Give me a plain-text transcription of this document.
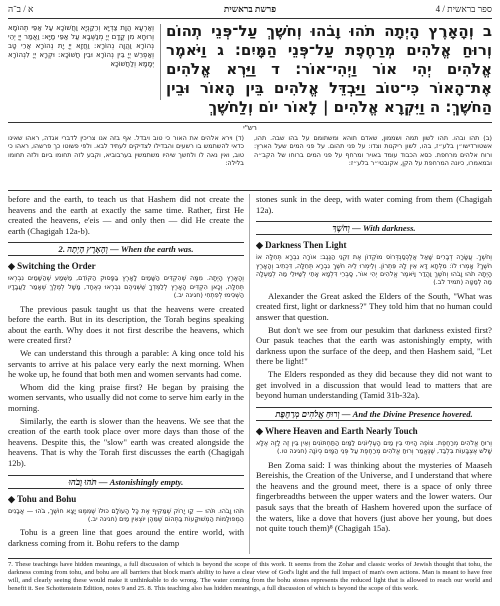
א / ב־ה	פרשת בראשית	ספר בראשית / 4
וְאַרְעָא הֲוָת צַדְיָא וְרֵקַנְיָא וַחֲשׁוֹכָא עַל אַפֵּי תְהוֹמָא וְרוּחָא מִן קֳדָם יְיָ מְנַשְּׁבָא עַל אַפֵּי מַיָּא: וַאֲמַר יְיָ יְהֵי נְהוֹרָא וַהֲוָה נְהוֹרָא: וַחֲזָא יְיָ יָת נְהוֹרָא אֲרֵי טָב וְאַפְרֵשׁ יְיָ בֵּין נְהוֹרָא וּבֵין חֲשׁוֹכָא: וּקְרָא יְיָ לִנְהוֹרָא יְמָמָא וְלַחֲשׁוֹכָא
ב וְהָאָרֶץ הָיְתָה תֹהוּ וָבֹהוּ וְחֹשֶׁךְ עַל־פְּנֵי תְהוֹם וְרוּחַ אֱלֹהִים מְרַחֶפֶת עַל־פְּנֵי הַמָּיִם: ג וַיֹּאמֶר אֱלֹהִים יְהִי אוֹר וַיְהִי־אוֹר: ד וַיַּרְא אֱלֹהִים אֶת־הָאוֹר כִּי־טוֹב וַיַּבְדֵּל אֱלֹהִים בֵּין הָאוֹר וּבֵין הַחֹשֶׁךְ: ה וַיִּקְרָא אֱלֹהִים | לָאוֹר יוֹם וְלַחֹשֶׁךְ
רש"י
(ד) וירא אלהים את האור כי טוב ויבדל. אף בזה אנו צריכין לדברי אגדה, ראהו שאינו כדאי להשתמש בו רשעים והבדילו לצדיקים לעתיד לבא. ולפי פשוטו כך פרשהו, ראהו כי טוב, ואין נאה לו ולחשך שיהיו משתמשין בערבוביא, וקבע לזה תחומו ביום ולזה תחומו בלילה:
(ב) תהו ובהו. תהו לשון תמה ושממון, שאדם תוהא ומשתומם על בהו שבה. תהו, אשטורדישו״ן בלע״ז, בהו, לשון ריקנות וצדו: על פני תהום. על פני המים שעל הארץ: ורוח אלהים מרחפת. כסא הכבוד עומד באויר ומרחף על פני המים ברוחו של הקב״ה ובמאמרו, כיונה המרחפת על הקן, אקובטי״ר בלע״ז:

before and the earth, to teach us that Hashem did not create the heavens and the earth at exactly the same time. Rather, first He created the heavens, e'eis — and only then — did He create the earth (Chagigah 12a-b).

2. וְהָאָרֶץ הָיְתָה — When the earth was.
◆ Switching the Order
וְהָאָרֶץ הָיְתָה. מִמָּה שֶׁהִקְדִּים הַשָּׁמַיִם לָאָרֶץ בַּפָּסוּק הַקּוֹדֵם, מַשְׁמַע שֶׁהַשָּׁמַיִם נִבְרְאוּ תְּחִלָּה, וְכָאן הִקְדִּים הָאָרֶץ לְלַמֶּדְךָ שֶׁשְּׁנֵיהֶם נִבְרְאוּ כְּאֶחָד, מָשָׁל לְמֶלֶךְ שֶׁאָמַר לַעֲבָדָיו הַשְׁכִּימוּ לְפִתְחִי (חגיגה יב.)

The previous pasuk taught us that the heavens were created before the earth. But in its description, the Torah begins speaking about the earth. Why does it not first describe the heavens, which were created first?

We can understand this through a parable: A king once told his servants to arrive at his palace very early the next morning. When he woke up, he found that both men and women servants had come.

Whom did the king praise first? He began by praising the women servants, who usually did not come to serve him early in the morning.

Similarly, the earth is slower than the heavens. We see that the creation of the earth took place over more days than those of the heavens. Despite this, the "slow" earth was created alongside the heavens. That is why the Torah first discusses the earth (Chagigah 12b).

תֹּהוּ וָבֹהוּ — Astonishingly empty.
◆ Tohu and Bohu
תֹּהוּ וָבֹהוּ. תֹּהוּ — קַו יָרוֹק שֶׁמַּקִּיף אֶת כָּל הָעוֹלָם כּוּלּוֹ שֶׁמִּמֶּנּוּ יָצָא חוֹשֶׁךְ, בֹּהוּ — אֲבָנִים הַמְפוּלָּמוֹת הַמְשׁוּקָּעוֹת בַּתְּהוֹם שֶׁמֵּהֶן יוֹצְאִין מַיִם (חגיגה יב.)

Tohu is a green line that goes around the entire world, with darkness coming from it. Bohu refers to the damp

stones sunk in the deep, with water coming from them (Chagigah 12a).

וְחֹשֶׁךְ — With darkness.
◆ Darkness Then Light
וְחֹשֶׁךְ. עֲשָׂרָה דְבָרִים שָׁאַל אֲלֶכְּסַנְדְּרוֹס מוֹקְדוֹן אֶת זִקְנֵי הַנֶּגֶב: אוֹרָה נִבְרָא תְּחִלָּה אוֹ חֹשֶׁךְ? אָמְרוּ לוֹ: מִלְּתָא דָּא אֵין לָהּ פִּתְרוֹן. וְלֵימְרוּ לֵיהּ חֹשֶׁךְ נִבְרָא תְּחִלָּה, דִּכְתִיב וְהָאָרֶץ הָיְתָה תֹהוּ וָבֹהוּ וְחֹשֶׁךְ וַהֲדַר וַיֹּאמֶר אֱלֹהִים יְהִי אוֹר, סָבְרֵי דִּלְמָא אָתֵי לְשַׁיּוּלֵי מַה לְמַעְלָה מַה לְמַטָּה (תמיד לב.)

Alexander the Great asked the Elders of the South, "What was created first, light or darkness?" They told him that no human could answer that question.

But don't we see from our pesukim that darkness existed first? Our pasuk teaches that the earth was astonishingly empty, with darkness upon the surface of the deep, and then Hashem said, "Let there be light!"

The Elders responded as they did because they did not want to get involved in a discussion that would lead to matters that are beyond human understanding (Tamid 31b-32a).

וְרוּחַ אֱלֹהִים מְרַחֶפֶת — And the Divine Presence hovered.
◆ Where Heaven and Earth Nearly Touch
וְרוּחַ אֱלֹהִים מְרַחֶפֶת. צוֹפֶה הָיִיתִי בֵּין מַיִם הָעֶלְיוֹנִים לַמַּיִם הַתַּחְתּוֹנִים וְאֵין בֵּין זֶה לָזֶה אֶלָּא שָׁלֹשׁ אֶצְבָּעוֹת בִּלְבַד, שֶׁנֶּאֱמַר וְרוּחַ אֱלֹהִים מְרַחֶפֶת עַל פְּנֵי הַמָּיִם כְּיוֹנָה (חגיגה טו.)

Ben Zoma said: I was thinking about the mysteries of Maaseh Bereishis, the Creation of the Universe, and I understand that where the heavens and the ground meet, there is a space of only three fingerbreadths between the upper waters and the lower waters. Our pasuk says that the breath of Hashem hovered upon the surface of the waters, like a dove that hovers (just above her young, but does not quite touch them)⁸ (Chagigah 15a).

7. These teachings have hidden meanings, a full discussion of which is beyond the scope of this work. It seems from the Zohar and classic works of Jewish thought that tohu, the darkness coming from tohu, and bohu are all barriers that block man's ability to have a clear view of God's light and the full impact of man's own actions. Man is meant to have free will, and clearly seeing these would make it unthinkable to do wrong. The water coming from the bohu stones represents the reduced light that is allowed to reach our world and benefit it. See Schottenstein Edition, notes 9 and 25. 8. This teaching also has hidden meanings, a full discussion of which is beyond the scope of this work.
